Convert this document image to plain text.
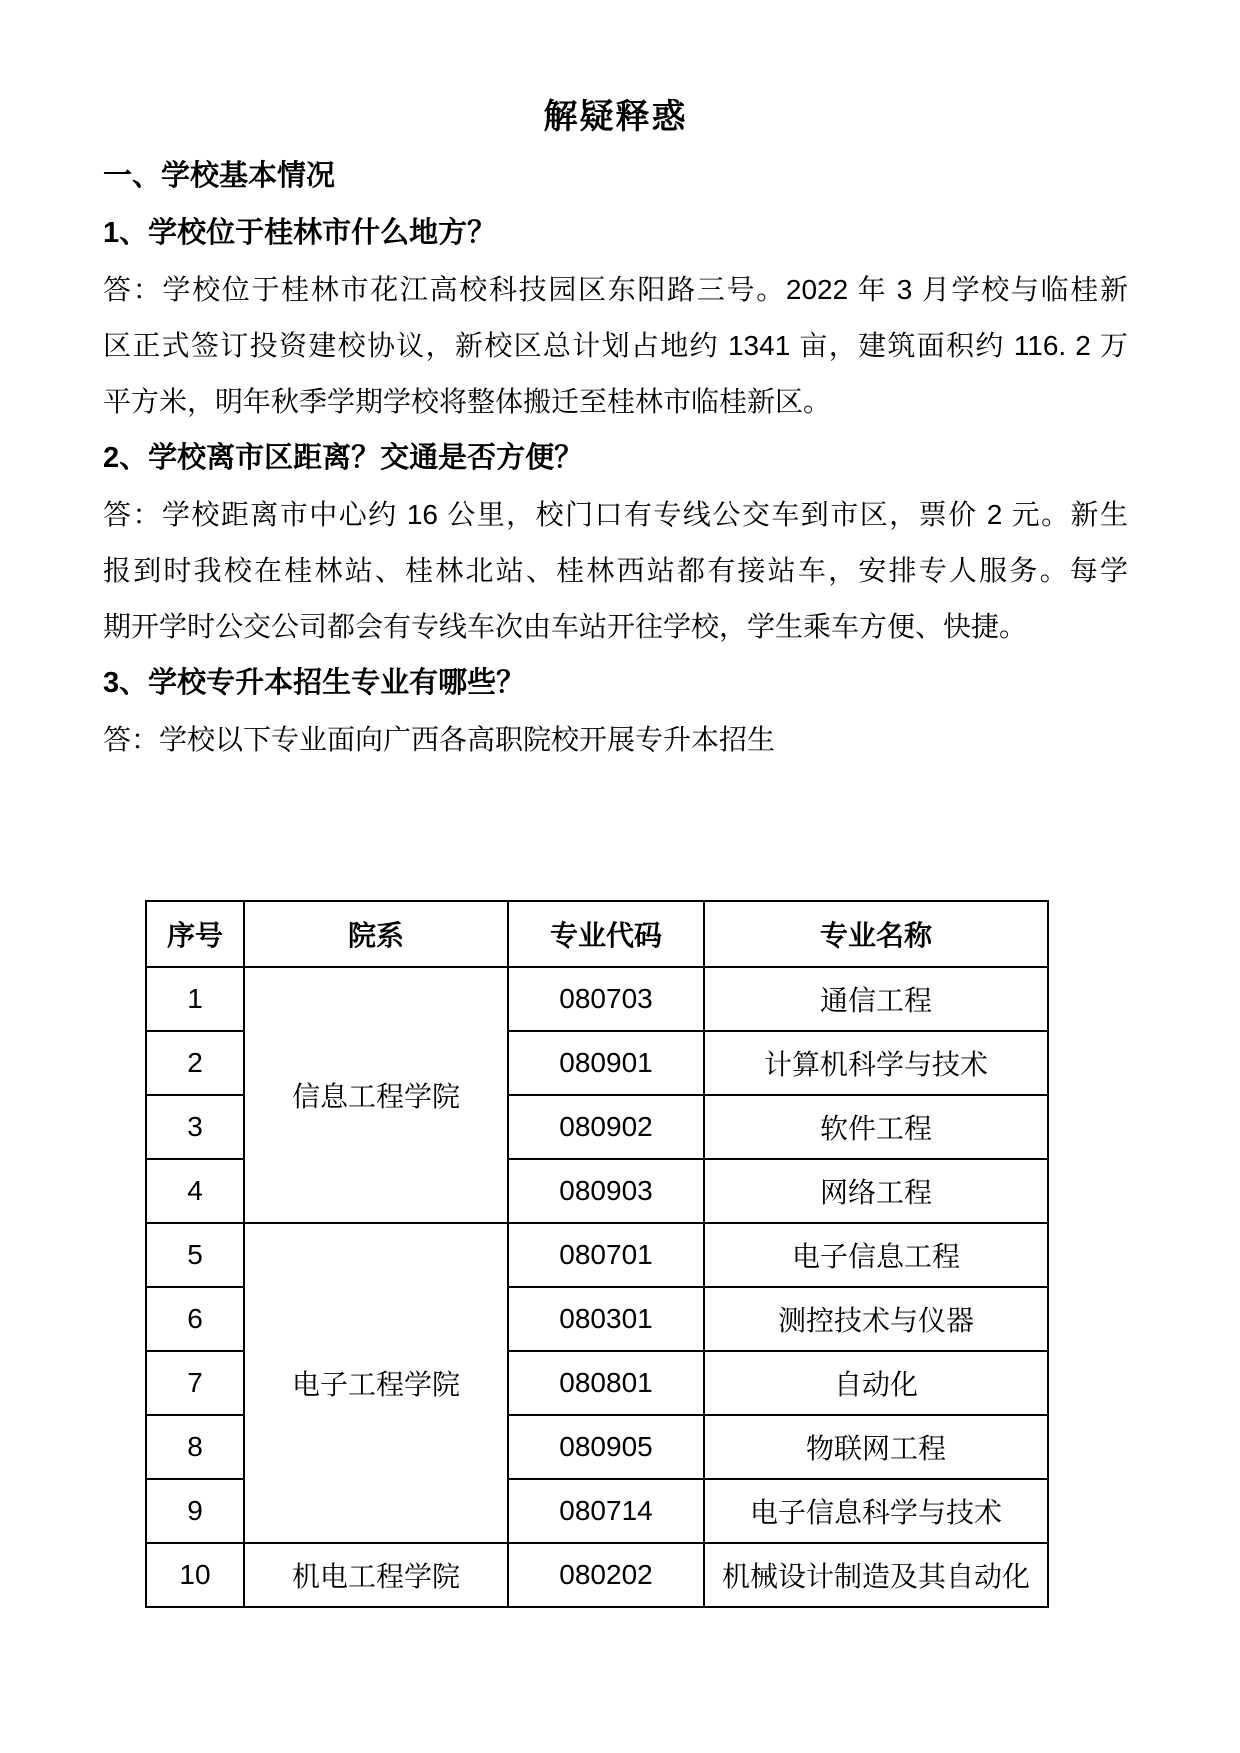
解疑释惑
一、学校基本情况
1、学校位于桂林市什么地方？
答：学校位于桂林市花江高校科技园区东阳路三号。2022 年 3 月学校与临桂新
区正式签订投资建校协议，新校区总计划占地约 1341 亩，建筑面积约 116. 2 万
平方米，明年秋季学期学校将整体搬迁至桂林市临桂新区。
2、学校离市区距离？交通是否方便？
答：学校距离市中心约 16 公里，校门口有专线公交车到市区，票价 2 元。新生
报到时我校在桂林站、桂林北站、桂林西站都有接站车，安排专人服务。每学
期开学时公交公司都会有专线车次由车站开往学校，学生乘车方便、快捷。
3、学校专升本招生专业有哪些？
答：学校以下专业面向广西各高职院校开展专升本招生
序号	院系	专业代码	专业名称
1	信息工程学院	080703	通信工程
2		080901	计算机科学与技术
3		080902	软件工程
4		080903	网络工程
5	电子工程学院	080701	电子信息工程
6		080301	测控技术与仪器
7		080801	自动化
8		080905	物联网工程
9		080714	电子信息科学与技术
10	机电工程学院	080202	机械设计制造及其自动化
